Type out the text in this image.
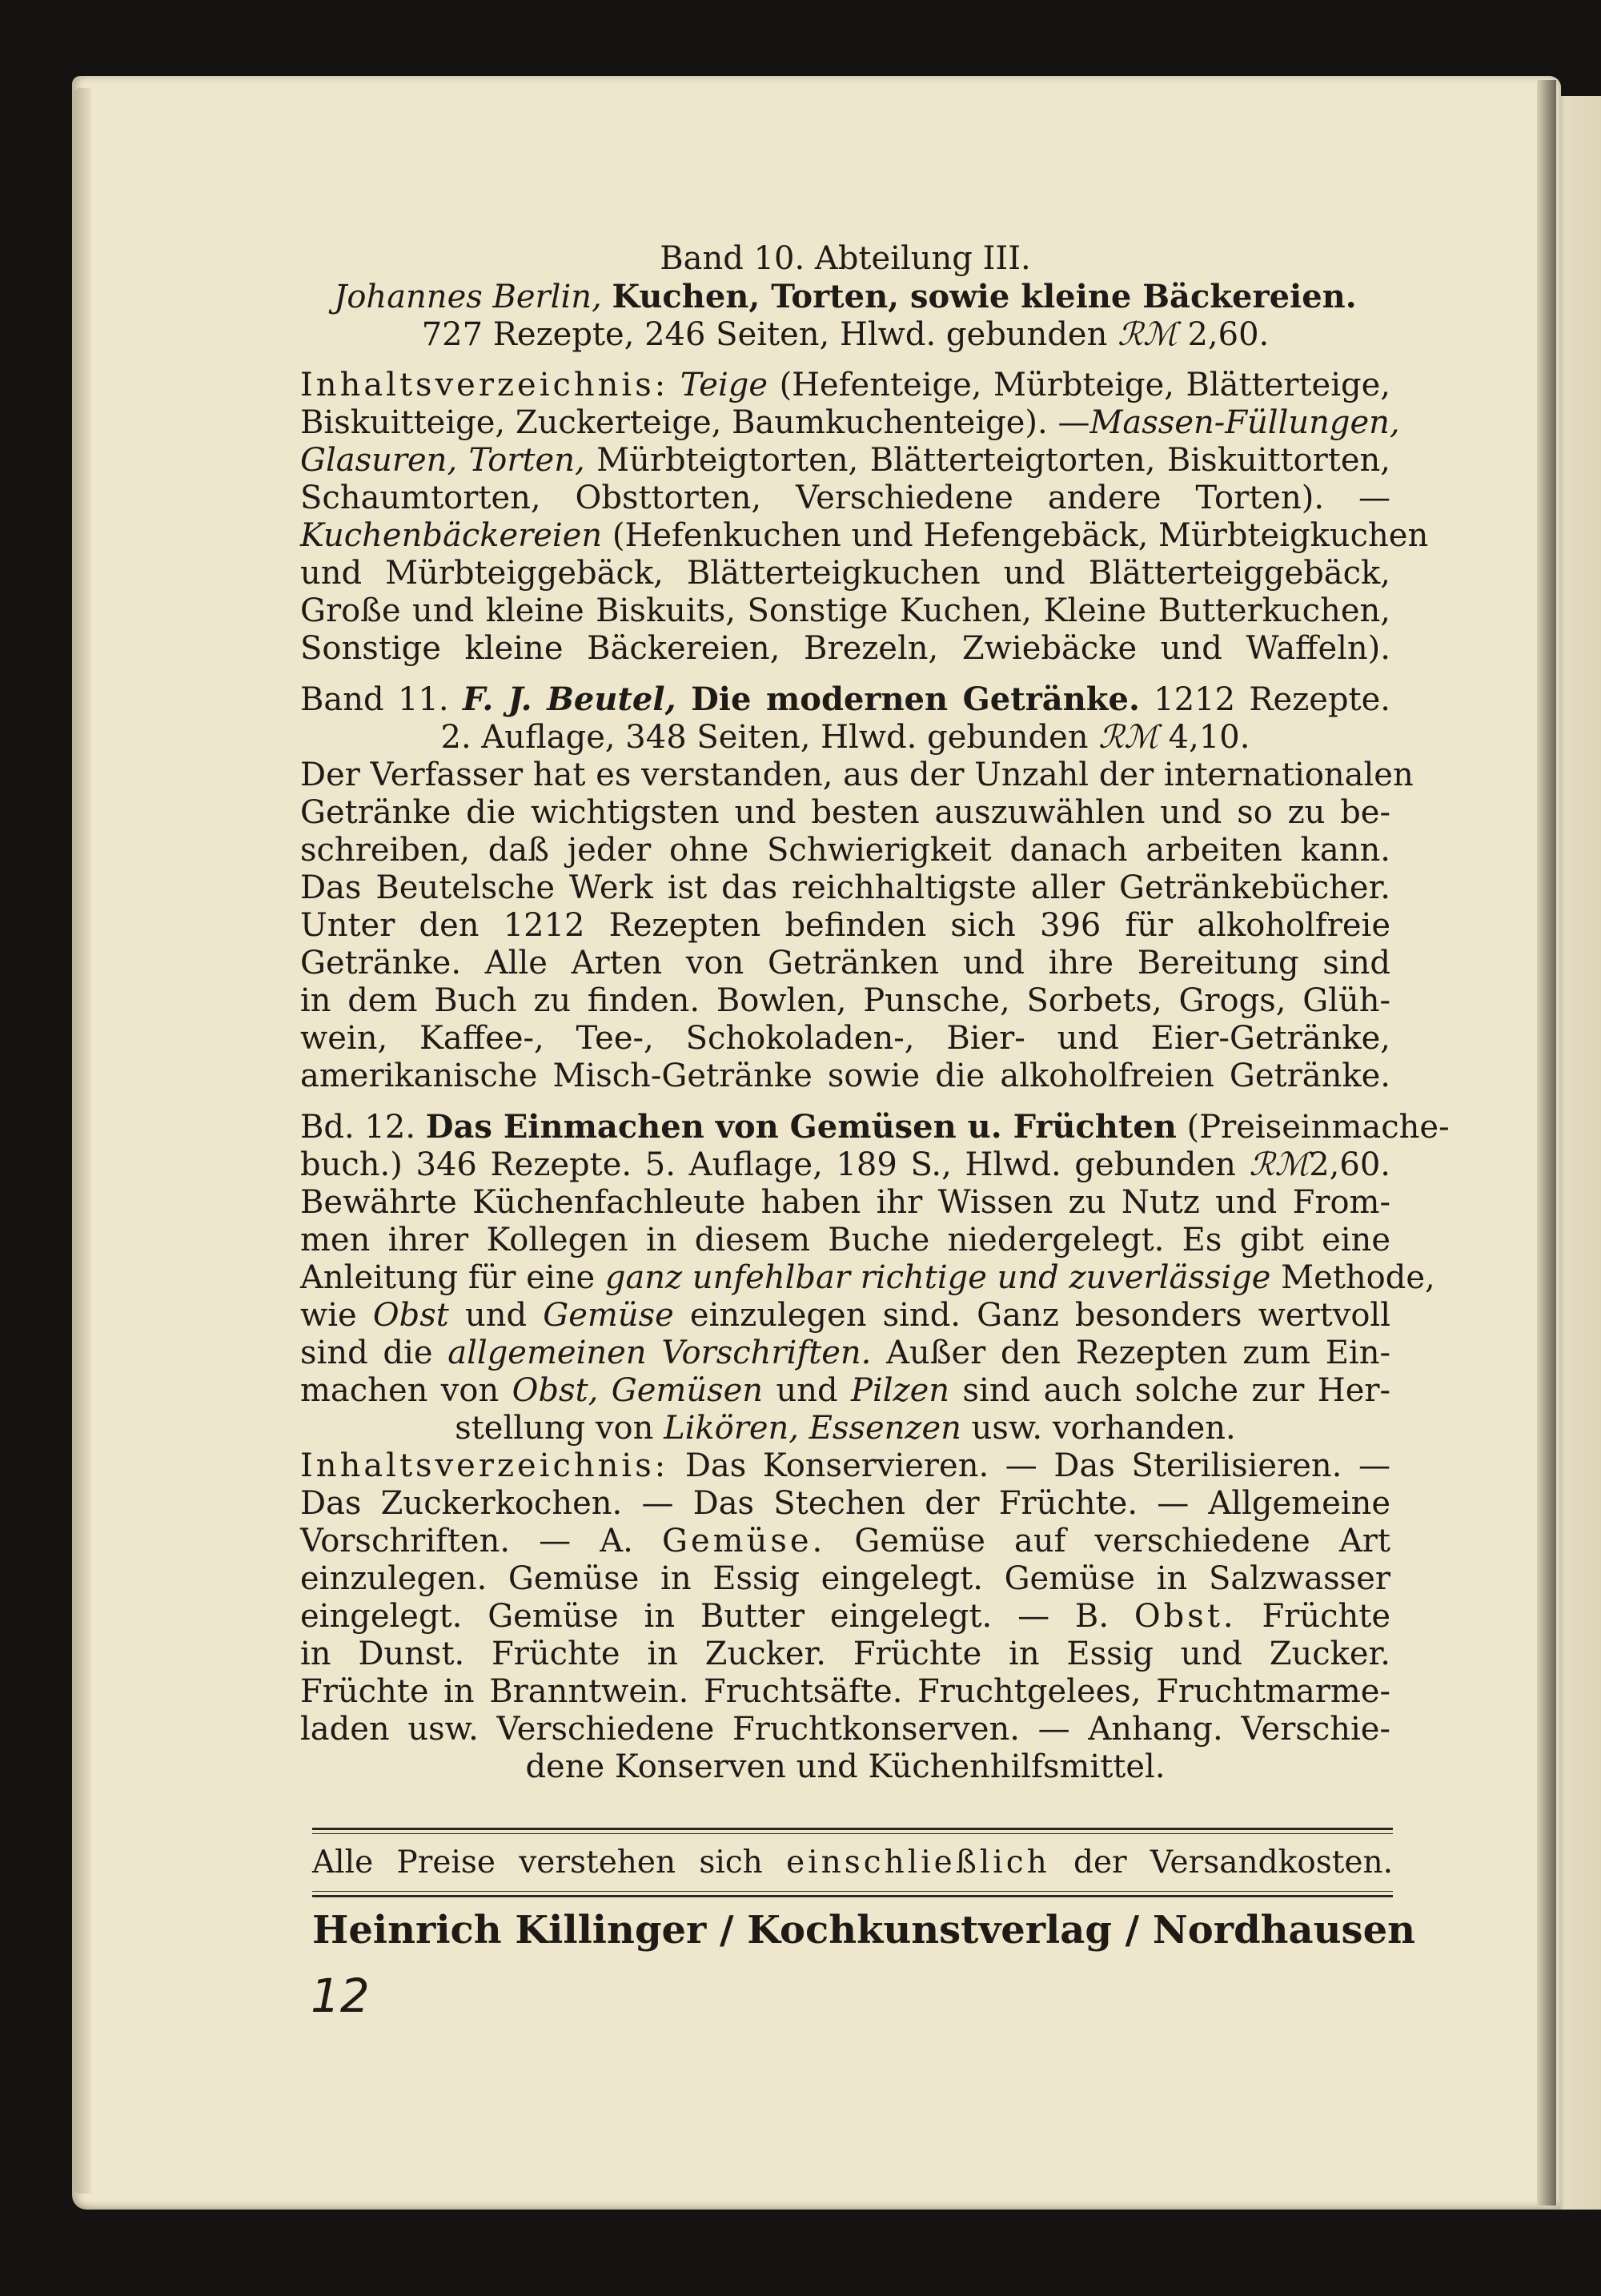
Band 10. Abteilung III.
Johannes Berlin, Kuchen, Torten, sowie kleine Bäckereien.
727 Rezepte, 246 Seiten, Hlwd. gebunden ℛℳ 2,60.
Inhaltsverzeichnis: Teige (Hefenteige, Mürbteige, Blätterteige,
Biskuitteige, Zuckerteige, Baumkuchenteige). —Massen-Füllungen,
Glasuren, Torten, Mürbteigtorten, Blätterteigtorten, Biskuittorten,
Schaumtorten, Obsttorten, Verschiedene andere Torten). —
Kuchenbäckereien (Hefenkuchen und Hefengebäck, Mürbteigkuchen
und Mürbteiggebäck, Blätterteigkuchen und Blätterteiggebäck,
Große und kleine Biskuits, Sonstige Kuchen, Kleine Butterkuchen,
Sonstige kleine Bäckereien, Brezeln, Zwiebäcke und Waffeln).
Band 11. F. J. Beutel, Die modernen Getränke. 1212 Rezepte.
2. Auflage, 348 Seiten, Hlwd. gebunden ℛℳ 4,10.
Der Verfasser hat es verstanden, aus der Unzahl der internationalen
Getränke die wichtigsten und besten auszuwählen und so zu be-
schreiben, daß jeder ohne Schwierigkeit danach arbeiten kann.
Das Beutelsche Werk ist das reichhaltigste aller Getränkebücher.
Unter den 1212 Rezepten befinden sich 396 für alkoholfreie
Getränke. Alle Arten von Getränken und ihre Bereitung sind
in dem Buch zu finden. Bowlen, Punsche, Sorbets, Grogs, Glüh-
wein, Kaffee-, Tee-, Schokoladen-, Bier- und Eier-Getränke,
amerikanische Misch-Getränke sowie die alkoholfreien Getränke.
Bd. 12. Das Einmachen von Gemüsen u. Früchten (Preiseinmache-
buch.) 346 Rezepte. 5. Auflage, 189 S., Hlwd. gebunden ℛℳ2,60.
Bewährte Küchenfachleute haben ihr Wissen zu Nutz und From-
men ihrer Kollegen in diesem Buche niedergelegt. Es gibt eine
Anleitung für eine ganz unfehlbar richtige und zuverlässige Methode,
wie Obst und Gemüse einzulegen sind. Ganz besonders wertvoll
sind die allgemeinen Vorschriften. Außer den Rezepten zum Ein-
machen von Obst, Gemüsen und Pilzen sind auch solche zur Her-
stellung von Likören, Essenzen usw. vorhanden.
Inhaltsverzeichnis: Das Konservieren. — Das Sterilisieren. —
Das Zuckerkochen. — Das Stechen der Früchte. — Allgemeine
Vorschriften. — A. Gemüse. Gemüse auf verschiedene Art
einzulegen. Gemüse in Essig eingelegt. Gemüse in Salzwasser
eingelegt. Gemüse in Butter eingelegt. — B. Obst. Früchte
in Dunst. Früchte in Zucker. Früchte in Essig und Zucker.
Früchte in Branntwein. Fruchtsäfte. Fruchtgelees, Fruchtmarme-
laden usw. Verschiedene Fruchtkonserven. — Anhang. Verschie-
dene Konserven und Küchenhilfsmittel.
Alle Preise verstehen sich einschließlich der Versandkosten.
Heinrich Killinger / Kochkunstverlag / Nordhausen
12
